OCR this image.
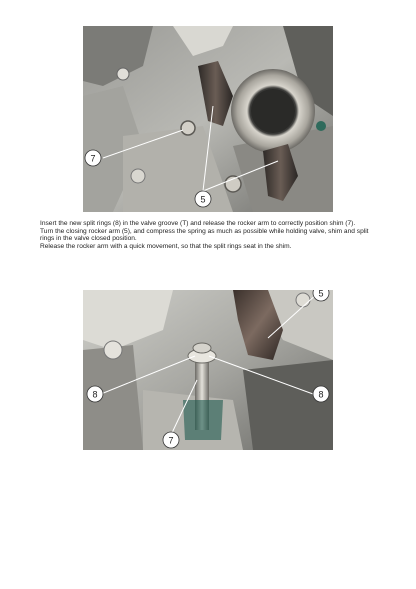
7
5

Insert the new split rings (8) in the valve groove (T) and release the rocker arm to correctly position shim (7).

Turn the closing rocker arm (5), and compress the spring as much as possible while holding valve, shim and split rings in the valve closed position.

Release the rocker arm with a quick movement, so that the split rings seat in the shim.

5
8	8
7
